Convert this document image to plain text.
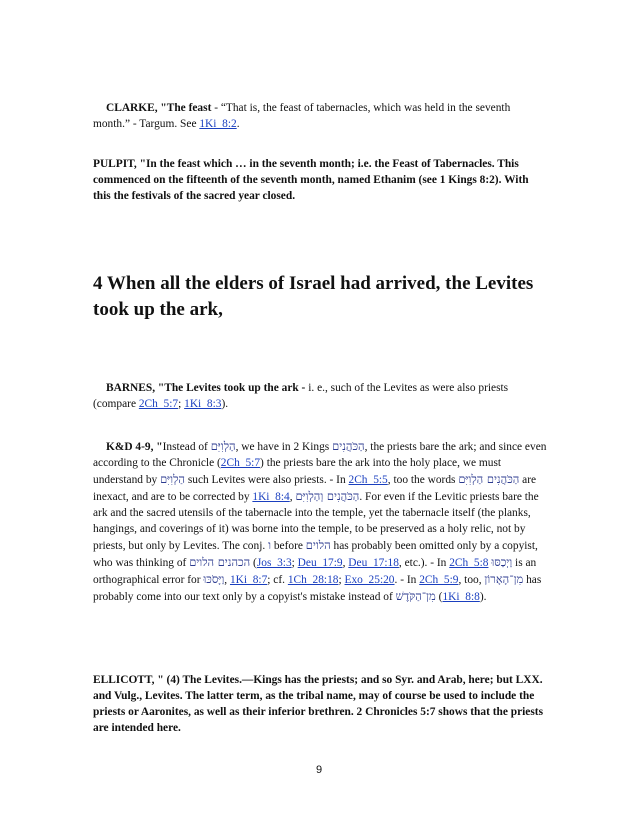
CLARKE, "The feast - “That is, the feast of tabernacles, which was held in the seventh month.” - Targum. See 1Ki_8:2.

PULPIT, "In the feast which … in the seventh month; i.e. the Feast of Tabernacles. This commenced on the fifteenth of the seventh month, named Ethanim (see 1 Kings 8:2). With this the festivals of the sacred year closed.

4 When all the elders of Israel had arrived, the Levites took up the ark,

BARNES, "The Levites took up the ark - i. e., such of the Levites as were also priests (compare 2Ch_5:7; 1Ki_8:3).

K&D 4-9, "Instead of הַלְוִיִּם, we have in 2 Kings הַכֹּהֲנִים, the priests bare the ark; and since even according to the Chronicle (2Ch_5:7) the priests bare the ark into the holy place, we must understand by הַלְוִיִּם such Levites were also priests. - In 2Ch_5:5, too the words הַכֹּהֲנִים הַלְוִיִּם are inexact, and are to be corrected by 1Ki_8:4, הַכֹּהֲנִים וְהַלְוִיִּם. For even if the Levitic priests bare the ark and the sacred utensils of the tabernacle into the temple, yet the tabernacle itself (the planks, hangings, and coverings of it) was borne into the temple, to be preserved as a holy relic, not by priests, but only by Levites. The conj. ו before הלוים has probably been omitted only by a copyist, who was thinking of הכהנים הלוים (Jos_3:3; Deu_17:9, Deu_17:18, etc.). - In 2Ch_5:8 וַיְכַסּוּ is an orthographical error for וַיָּסֹכּוּ, 1Ki_8:7; cf. 1Ch_28:18; Exo_25:20. - In 2Ch_5:9, too, מִן־הָאָרוֹן has probably come into our text only by a copyist's mistake instead of מִן־הַקֹּדֶשׁ (1Ki_8:8).

ELLICOTT, " (4) The Levites.—Kings has the priests; and so Syr. and Arab, here; but LXX. and Vulg., Levites. The latter term, as the tribal name, may of course be used to include the priests or Aaronites, as well as their inferior brethren. 2 Chronicles 5:7 shows that the priests are intended here.

9
